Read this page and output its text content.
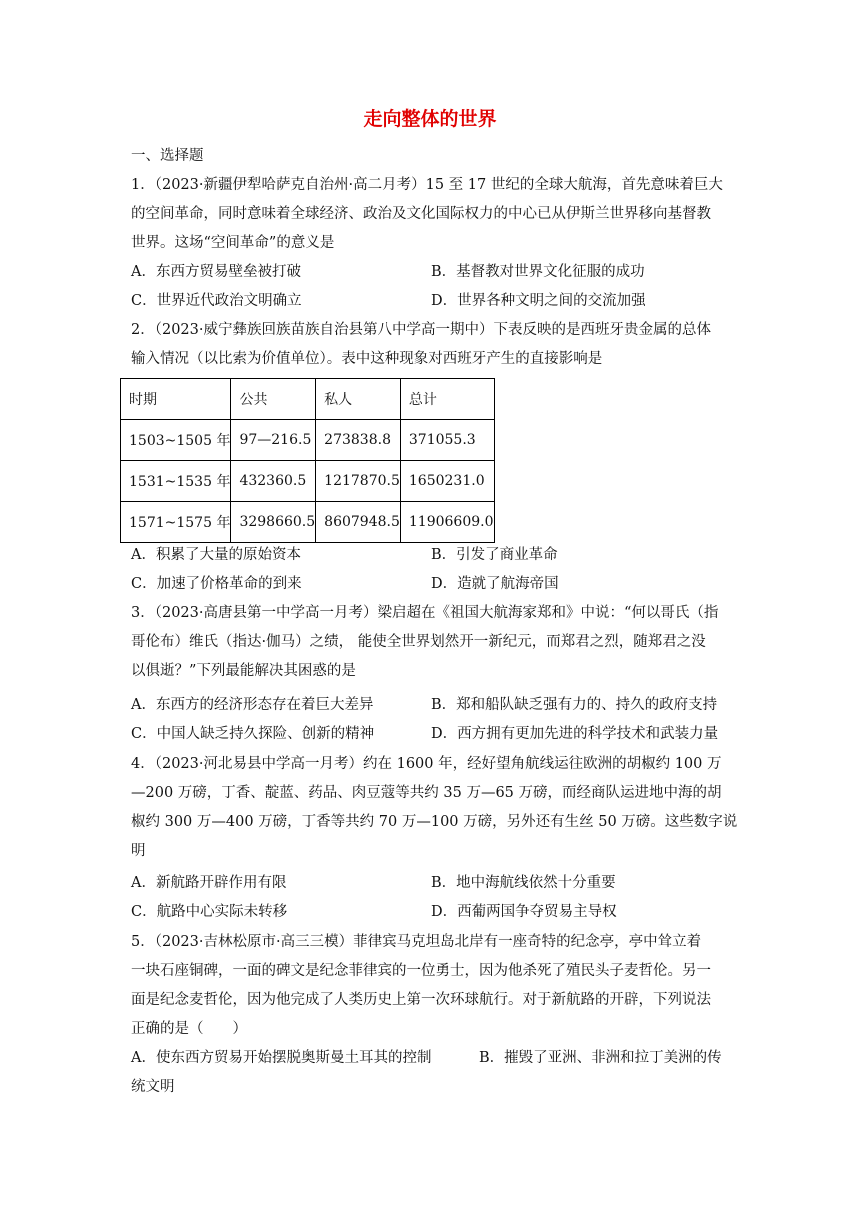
走向整体的世界
一、选择题
1．（2023·新疆伊犁哈萨克自治州·高二月考）15 至 17 世纪的全球大航海，首先意味着巨大
的空间革命，同时意味着全球经济、政治及文化国际权力的中心已从伊斯兰世界移向基督教
世界。这场“空间革命”的意义是
A．东西方贸易壁垒被打破	B．基督教对世界文化征服的成功
C．世界近代政治文明确立	D．世界各种文明之间的交流加强
2．（2023·威宁彝族回族苗族自治县第八中学高一期中）下表反映的是西班牙贵金属的总体
输入情况（以比索为价值单位）。表中这种现象对西班牙产生的直接影响是
时期	公共	私人	总计
1503~1505 年	97—216.5	273838.8	371055.3
1531~1535 年	432360.5	1217870.5	1650231.0
1571~1575 年	3298660.5	8607948.5	11906609.0
A．积累了大量的原始资本	B．引发了商业革命
C．加速了价格革命的到来	D．造就了航海帝国
3．（2023·高唐县第一中学高一月考）梁启超在《祖国大航海家郑和》中说：“何以哥氏（指
哥伦布）维氏（指达·伽马）之绩， 能使全世界划然开一新纪元，而郑君之烈，随郑君之没
以俱逝？”下列最能解决其困惑的是
A．东西方的经济形态存在着巨大差异	B．郑和船队缺乏强有力的、持久的政府支持
C．中国人缺乏持久探险、创新的精神	D．西方拥有更加先进的科学技术和武装力量
4．（2023·河北易县中学高一月考）约在 1600 年，经好望角航线运往欧洲的胡椒约 100 万
—200 万磅，丁香、靛蓝、药品、肉豆蔻等共约 35 万—65 万磅，而经商队运进地中海的胡
椒约 300 万—400 万磅，丁香等共约 70 万—100 万磅，另外还有生丝 50 万磅。这些数字说
明
A．新航路开辟作用有限	B．地中海航线依然十分重要
C．航路中心实际未转移	D．西葡两国争夺贸易主导权
5．（2023·吉林松原市·高三三模）菲律宾马克坦岛北岸有一座奇特的纪念亭，亭中耸立着
一块石座铜碑，一面的碑文是纪念菲律宾的一位勇士，因为他杀死了殖民头子麦哲伦。另一
面是纪念麦哲伦，因为他完成了人类历史上第一次环球航行。对于新航路的开辟，下列说法
正确的是（　　）
A．使东西方贸易开始摆脱奥斯曼土耳其的控制	B．摧毁了亚洲、非洲和拉丁美洲的传
统文明
